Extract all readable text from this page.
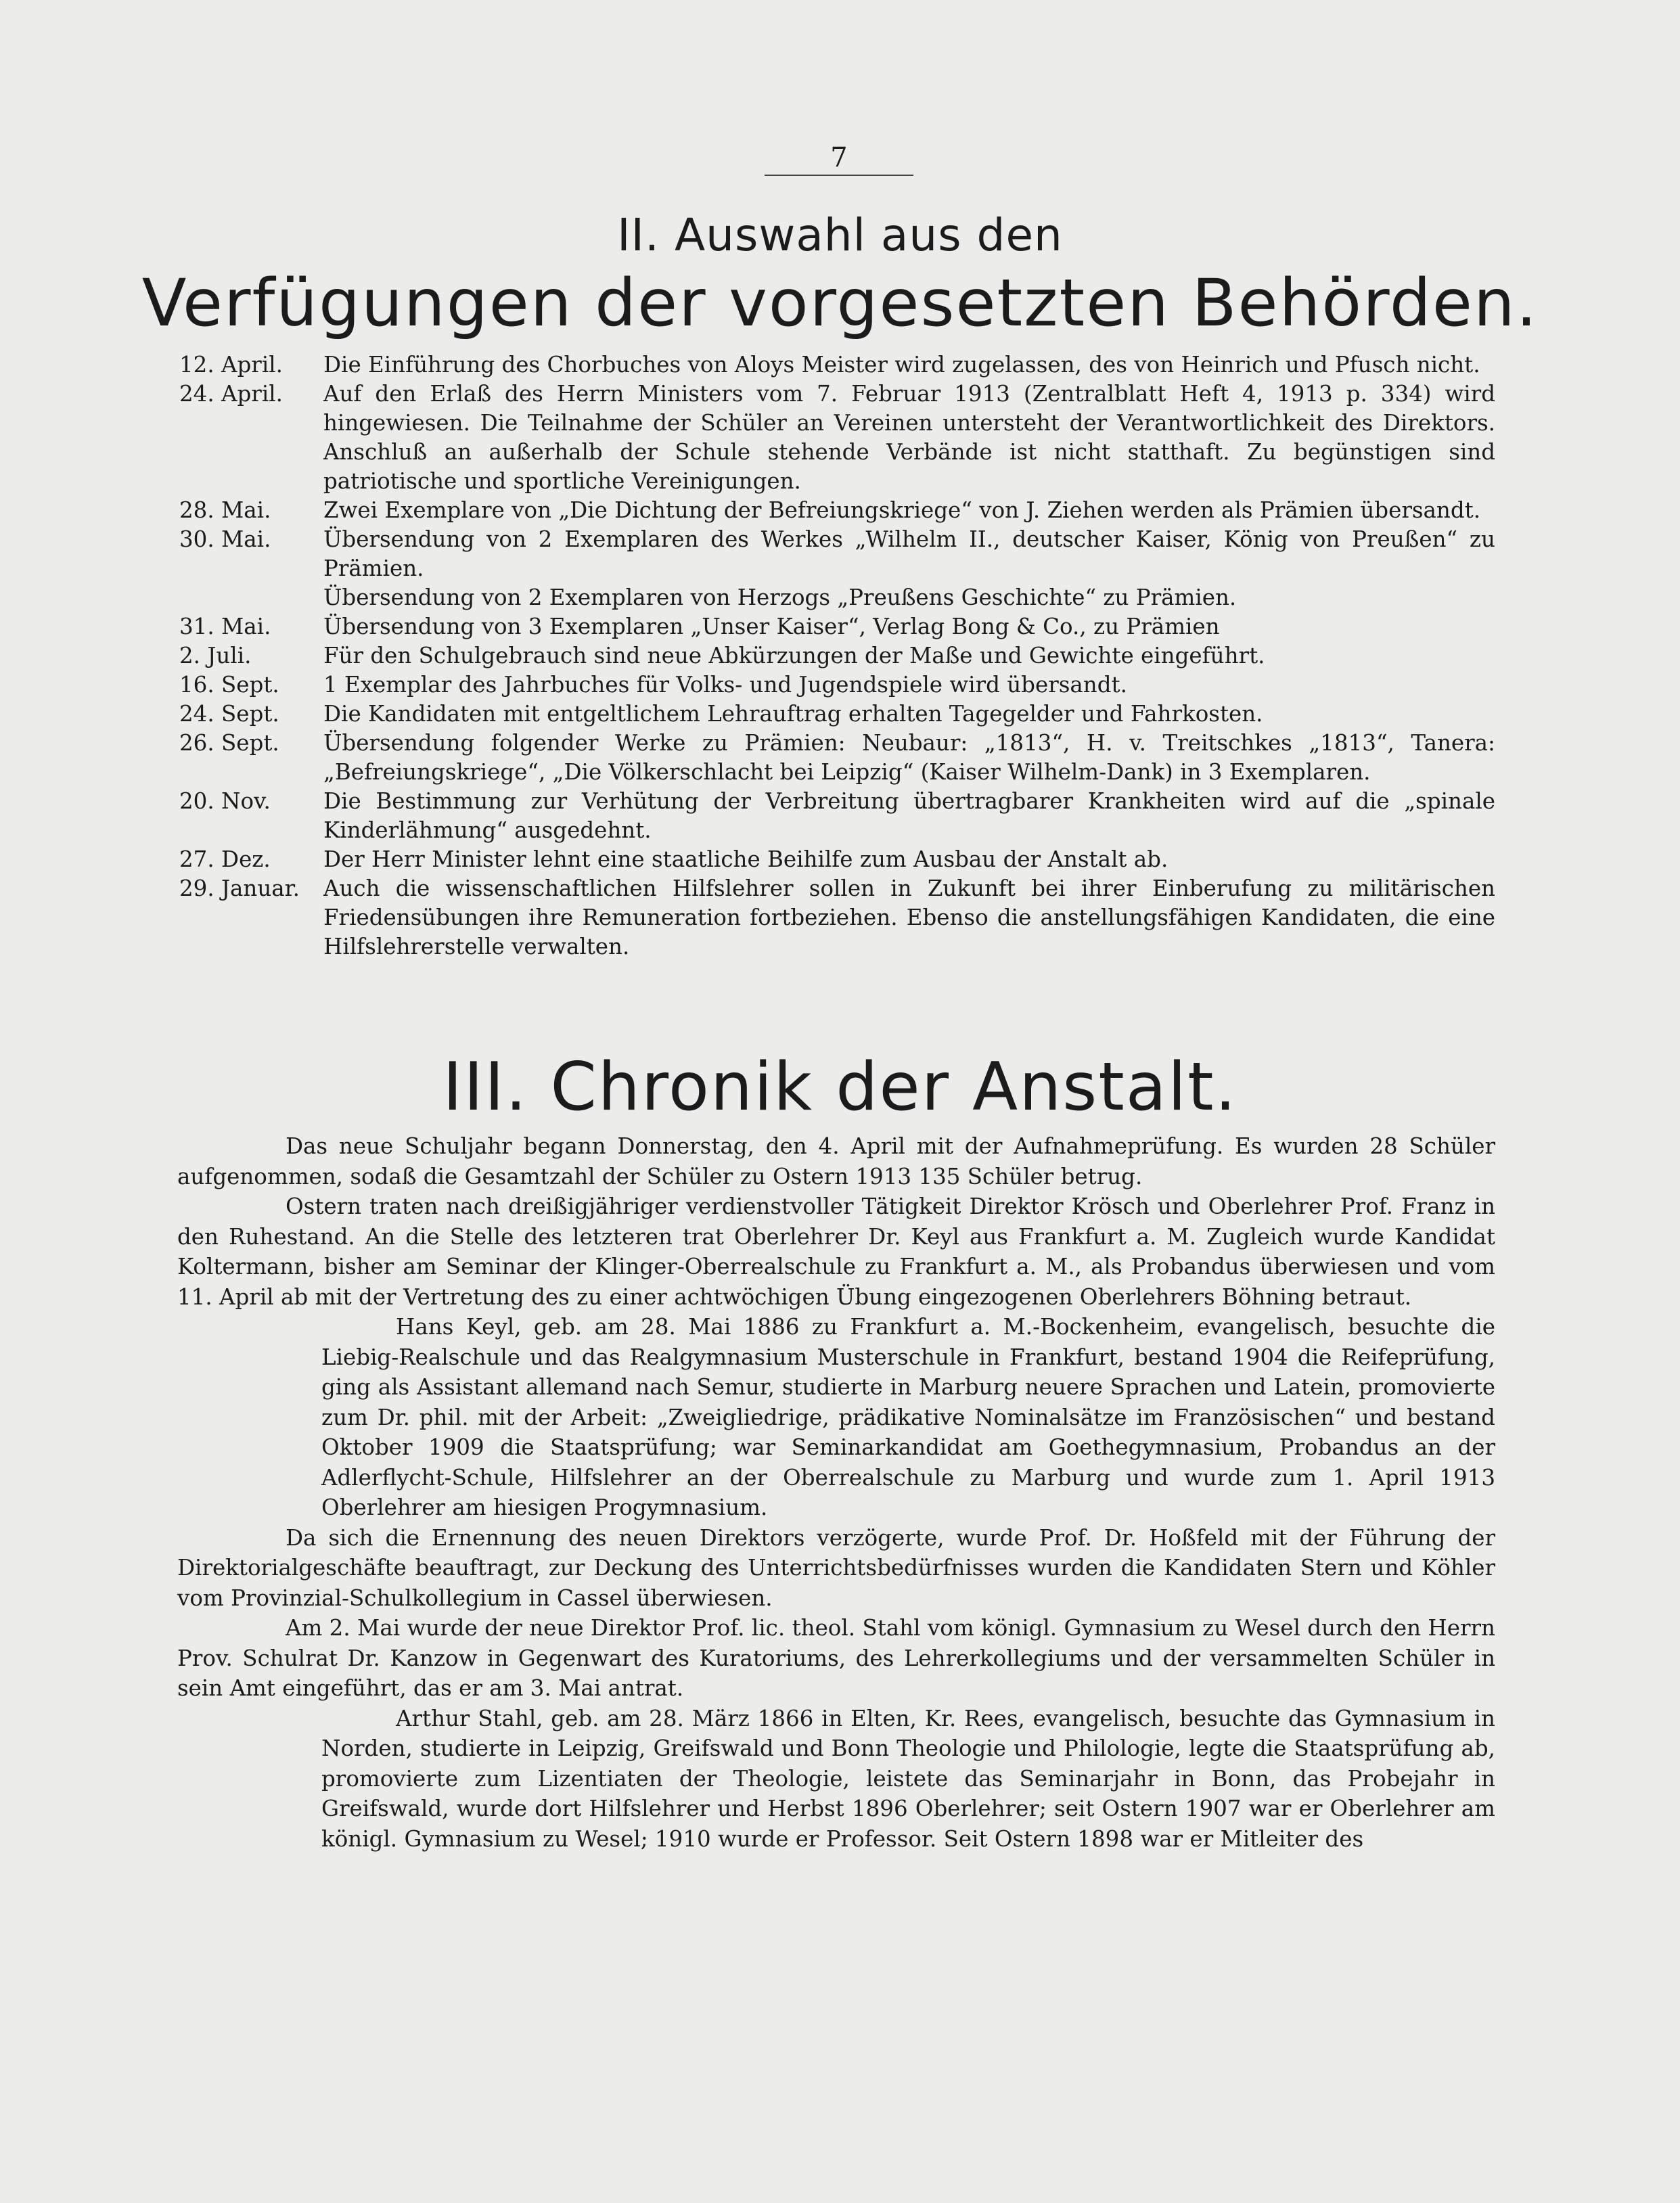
7
II. Auswahl aus den
Verfügungen der vorgesetzten Behörden.
12. April.	Die Einführung des Chorbuches von Aloys Meister wird zugelassen, des von Heinrich und Pfusch nicht.
24. April.	Auf den Erlaß des Herrn Ministers vom 7. Februar 1913 (Zentralblatt Heft 4, 1913 p. 334) wird hingewiesen. Die Teilnahme der Schüler an Vereinen untersteht der Verantwortlichkeit des Direktors. Anschluß an außerhalb der Schule stehende Verbände ist nicht statthaft. Zu begünstigen sind patriotische und sportliche Vereinigungen.
28. Mai.	Zwei Exemplare von „Die Dichtung der Befreiungskriege“ von J. Ziehen werden als Prämien übersandt.
30. Mai.	Übersendung von 2 Exemplaren des Werkes „Wilhelm II., deutscher Kaiser, König von Preußen“ zu Prämien.
Übersendung von 2 Exemplaren von Herzogs „Preußens Geschichte“ zu Prämien.
31. Mai.	Übersendung von 3 Exemplaren „Unser Kaiser“, Verlag Bong & Co., zu Prämien
2. Juli.	Für den Schulgebrauch sind neue Abkürzungen der Maße und Gewichte eingeführt.
16. Sept.	1 Exemplar des Jahrbuches für Volks- und Jugendspiele wird übersandt.
24. Sept.	Die Kandidaten mit entgeltlichem Lehrauftrag erhalten Tagegelder und Fahrkosten.
26. Sept.	Übersendung folgender Werke zu Prämien: Neubaur: „1813“, H. v. Treitschkes „1813“, Tanera: „Befreiungskriege“, „Die Völkerschlacht bei Leipzig“ (Kaiser Wilhelm-Dank) in 3 Exemplaren.
20. Nov.	Die Bestimmung zur Verhütung der Verbreitung übertragbarer Krankheiten wird auf die „spinale Kinderlähmung“ ausgedehnt.
27. Dez.	Der Herr Minister lehnt eine staatliche Beihilfe zum Ausbau der Anstalt ab.
29. Januar.	Auch die wissenschaftlichen Hilfslehrer sollen in Zukunft bei ihrer Einberufung zu militärischen Friedensübungen ihre Remuneration fortbeziehen. Ebenso die anstellungsfähigen Kandidaten, die eine Hilfslehrerstelle verwalten.
III. Chronik der Anstalt.

Das neue Schuljahr begann Donnerstag, den 4. April mit der Aufnahmeprüfung. Es wurden 28 Schüler aufgenommen, sodaß die Gesamtzahl der Schüler zu Ostern 1913 135 Schüler betrug.

Ostern traten nach dreißigjähriger verdienstvoller Tätigkeit Direktor Krösch und Oberlehrer Prof. Franz in den Ruhestand. An die Stelle des letzteren trat Oberlehrer Dr. Keyl aus Frankfurt a. M. Zugleich wurde Kandidat Koltermann, bisher am Seminar der Klinger-Oberrealschule zu Frankfurt a. M., als Probandus überwiesen und vom 11. April ab mit der Vertretung des zu einer achtwöchigen Übung eingezogenen Oberlehrers Böhning betraut.

Hans Keyl, geb. am 28. Mai 1886 zu Frankfurt a. M.-Bockenheim, evangelisch, besuchte die Liebig-Realschule und das Realgymnasium Musterschule in Frankfurt, bestand 1904 die Reifeprüfung, ging als Assistant allemand nach Semur, studierte in Marburg neuere Sprachen und Latein, promovierte zum Dr. phil. mit der Arbeit: „Zweigliedrige, prädikative Nominalsätze im Französischen“ und bestand Oktober 1909 die Staatsprüfung; war Seminarkandidat am Goethegymnasium, Probandus an der Adlerflycht-Schule, Hilfslehrer an der Oberrealschule zu Marburg und wurde zum 1. April 1913 Oberlehrer am hiesigen Progymnasium.

Da sich die Ernennung des neuen Direktors verzögerte, wurde Prof. Dr. Hoßfeld mit der Führung der Direktorialgeschäfte beauftragt, zur Deckung des Unterrichtsbedürfnisses wurden die Kandidaten Stern und Köhler vom Provinzial-Schulkollegium in Cassel überwiesen.

Am 2. Mai wurde der neue Direktor Prof. lic. theol. Stahl vom königl. Gymnasium zu Wesel durch den Herrn Prov. Schulrat Dr. Kanzow in Gegenwart des Kuratoriums, des Lehrerkollegiums und der versammelten Schüler in sein Amt eingeführt, das er am 3. Mai antrat.

Arthur Stahl, geb. am 28. März 1866 in Elten, Kr. Rees, evangelisch, besuchte das Gymnasium in Norden, studierte in Leipzig, Greifswald und Bonn Theologie und Philologie, legte die Staatsprüfung ab, promovierte zum Lizentiaten der Theologie, leistete das Seminarjahr in Bonn, das Probejahr in Greifswald, wurde dort Hilfslehrer und Herbst 1896 Oberlehrer; seit Ostern 1907 war er Oberlehrer am königl. Gymnasium zu Wesel; 1910 wurde er Professor. Seit Ostern 1898 war er Mitleiter des
